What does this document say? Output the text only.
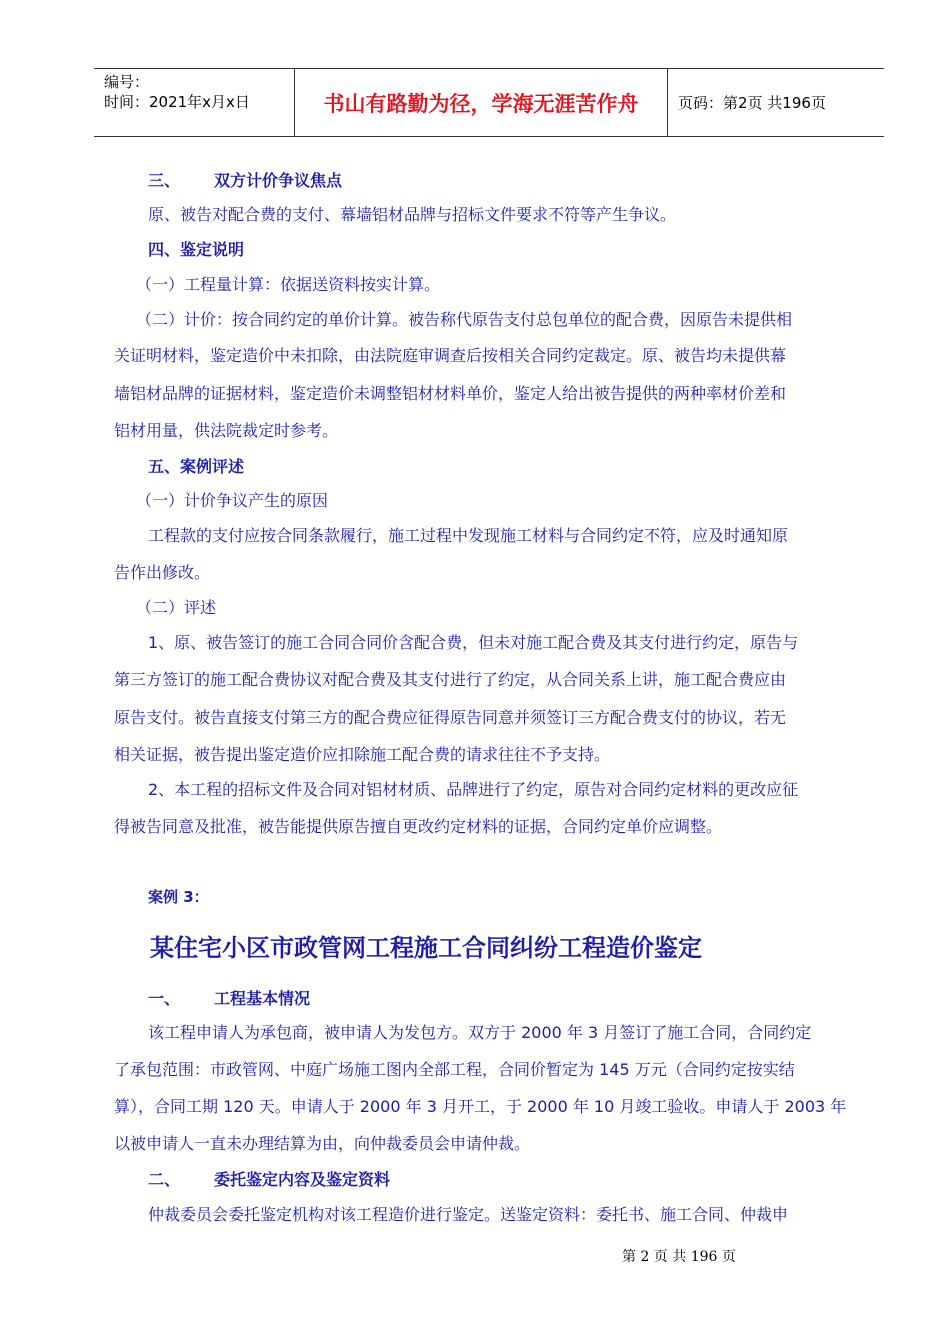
编号：
时间：2021年x月x日	书山有路勤为径，学海无涯苦作舟	页码：第2页 共196页
三、 双方计价争议焦点
原、被告对配合费的支付、幕墙铝材品牌与招标文件要求不符等产生争议。
四、鉴定说明
（一）工程量计算：依据送资料按实计算。
（二）计价：按合同约定的单价计算。被告称代原告支付总包单位的配合费，因原告未提供相
关证明材料，鉴定造价中未扣除，由法院庭审调查后按相关合同约定裁定。原、被告均未提供幕
墙铝材品牌的证据材料，鉴定造价未调整铝材材料单价，鉴定人给出被告提供的两种率材价差和
铝材用量，供法院裁定时参考。
五、案例评述
（一）计价争议产生的原因
工程款的支付应按合同条款履行，施工过程中发现施工材料与合同约定不符，应及时通知原
告作出修改。
（二）评述
1、原、被告签订的施工合同合同价含配合费，但未对施工配合费及其支付进行约定，原告与
第三方签订的施工配合费协议对配合费及其支付进行了约定，从合同关系上讲，施工配合费应由
原告支付。被告直接支付第三方的配合费应征得原告同意并须签订三方配合费支付的协议，若无
相关证据，被告提出鉴定造价应扣除施工配合费的请求往往不予支持。
2、本工程的招标文件及合同对铝材材质、品牌进行了约定，原告对合同约定材料的更改应征
得被告同意及批准，被告能提供原告擅自更改约定材料的证据，合同约定单价应调整。
案例 3：
某住宅小区市政管网工程施工合同纠纷工程造价鉴定
一、 工程基本情况
该工程申请人为承包商，被申请人为发包方。双方于 2000 年 3 月签订了施工合同，合同约定
了承包范围：市政管网、中庭广场施工图内全部工程，合同价暂定为 145 万元（合同约定按实结
算），合同工期 120 天。申请人于 2000 年 3 月开工，于 2000 年 10 月竣工验收。申请人于 2003 年
以被申请人一直未办理结算为由，向仲裁委员会申请仲裁。
二、 委托鉴定内容及鉴定资料
仲裁委员会委托鉴定机构对该工程造价进行鉴定。送鉴定资料：委托书、施工合同、仲裁申
第 2 页 共 196 页
